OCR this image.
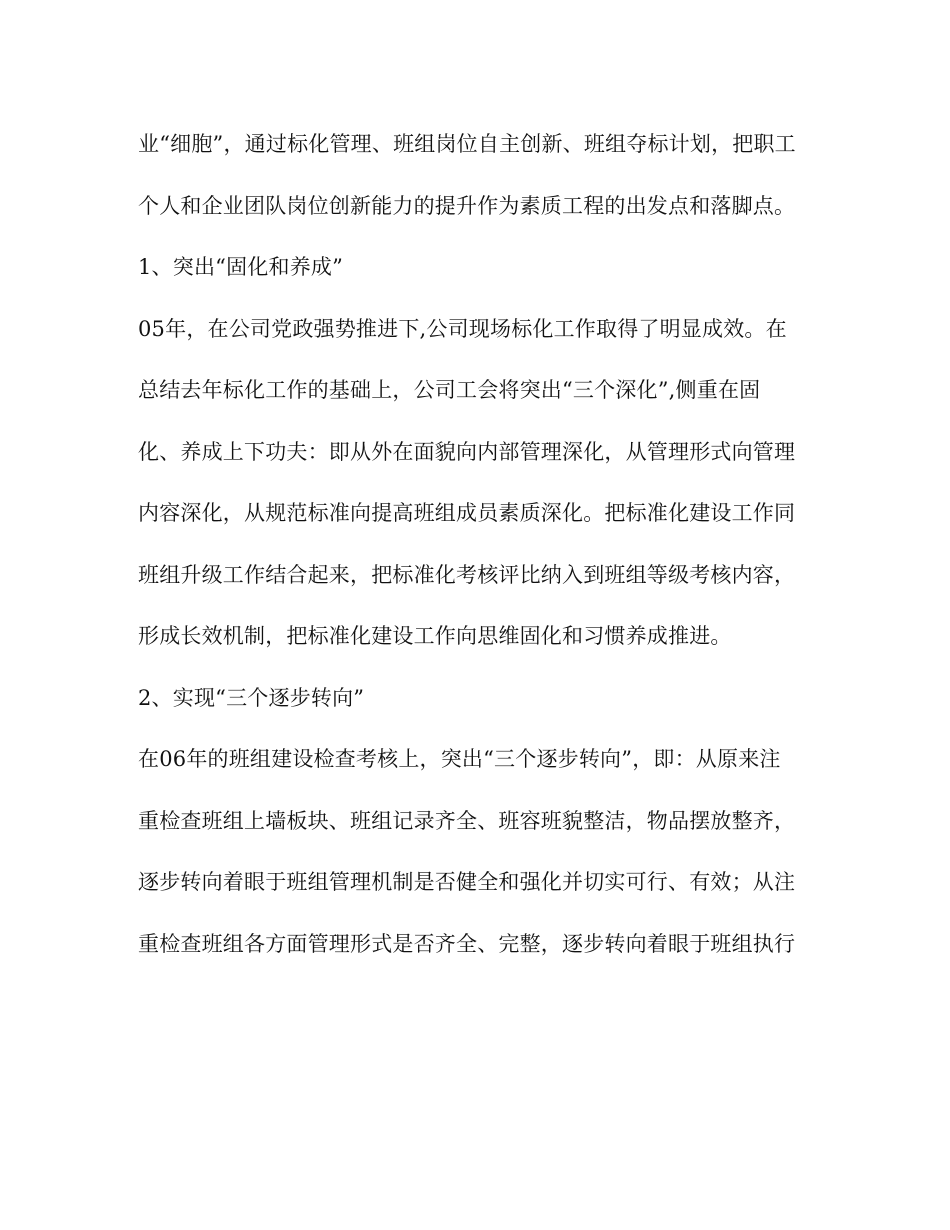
业“细胞”，通过标化管理、班组岗位自主创新、班组夺标计划，把职工
个人和企业团队岗位创新能力的提升作为素质工程的出发点和落脚点。
1、突出“固化和养成”
05年，在公司党政强势推进下,公司现场标化工作取得了明显成效。在
总结去年标化工作的基础上，公司工会将突出“三个深化”,侧重在固
化、养成上下功夫：即从外在面貌向内部管理深化，从管理形式向管理
内容深化，从规范标准向提高班组成员素质深化。把标准化建设工作同
班组升级工作结合起来，把标准化考核评比纳入到班组等级考核内容，
形成长效机制，把标准化建设工作向思维固化和习惯养成推进。
2、实现“三个逐步转向”
在06年的班组建设检查考核上，突出“三个逐步转向”，即：从原来注
重检查班组上墙板块、班组记录齐全、班容班貌整洁，物品摆放整齐，
逐步转向着眼于班组管理机制是否健全和强化并切实可行、有效；从注
重检查班组各方面管理形式是否齐全、完整，逐步转向着眼于班组执行
